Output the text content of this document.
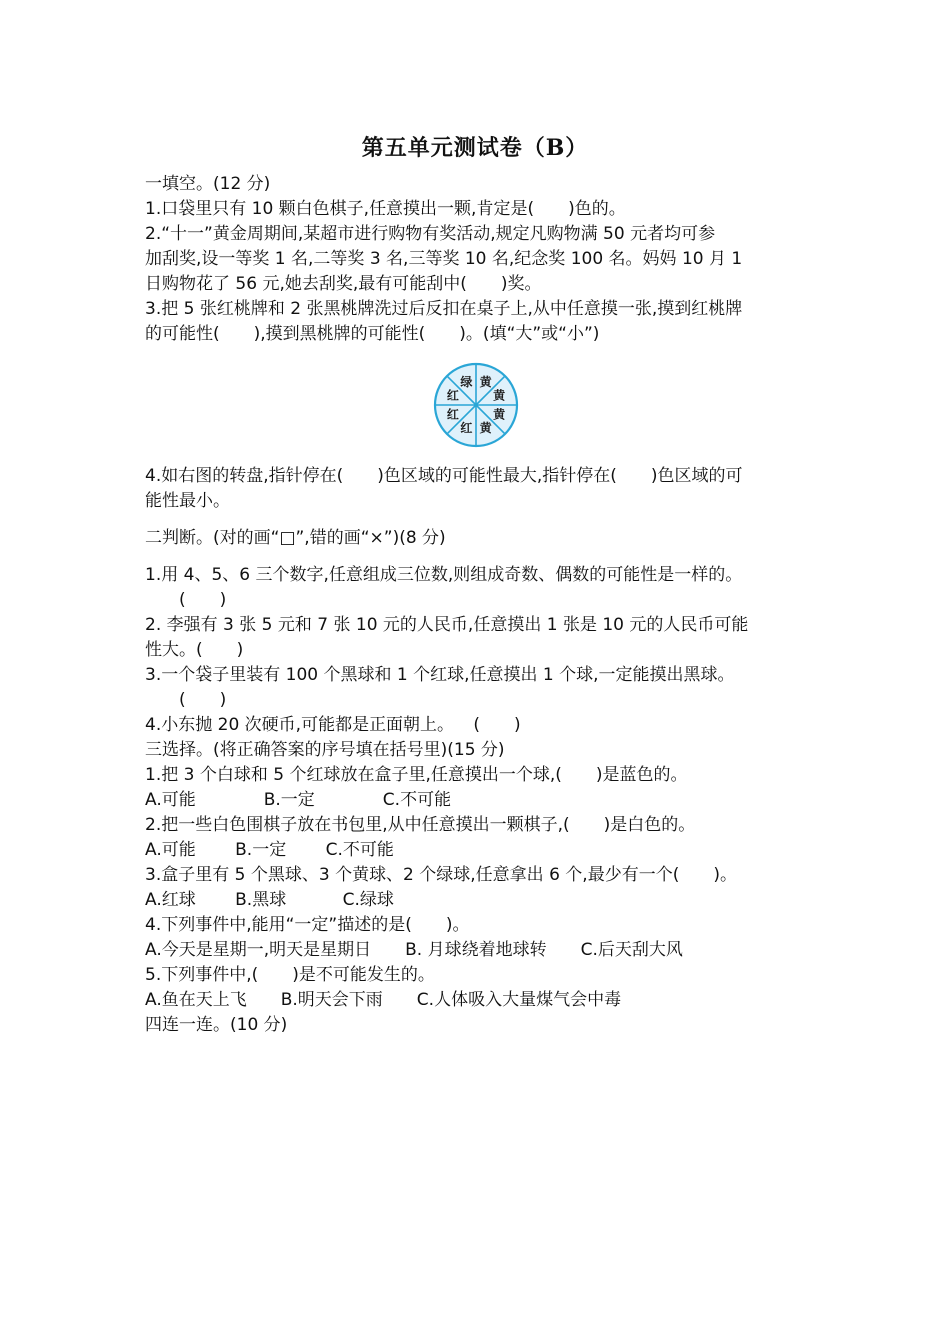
第五单元测试卷（B）
一填空。(12 分)
1.口袋里只有 10 颗白色棋子,任意摸出一颗,肯定是(　　)色的。
2.“十一”黄金周期间,某超市进行购物有奖活动,规定凡购物满 50 元者均可参
加刮奖,设一等奖 1 名,二等奖 3 名,三等奖 10 名,纪念奖 100 名。妈妈 10 月 1
日购物花了 56 元,她去刮奖,最有可能刮中(　　)奖。
3.把 5 张红桃牌和 2 张黑桃牌洗过后反扣在桌子上,从中任意摸一张,摸到红桃牌
的可能性(　　),摸到黑桃牌的可能性(　　)。(填“大”或“小”)
黄
黄
黄
黄
红
红
红
绿
4.如右图的转盘,指针停在(　　)色区域的可能性最大,指针停在(　　)色区域的可
能性最小。
二判断。(对的画“□”,错的画“×”)(8 分)
1.用 4、5、6 三个数字,任意组成三位数,则组成奇数、偶数的可能性是一样的。
　　(　　)
2. 李强有 3 张 5 元和 7 张 10 元的人民币,任意摸出 1 张是 10 元的人民币可能
性大。(　　)
3.一个袋子里装有 100 个黑球和 1 个红球,任意摸出 1 个球,一定能摸出黑球。
　　(　　)
4.小东抛 20 次硬币,可能都是正面朝上。　  (　　)
三选择。(将正确答案的序号填在括号里)(15 分)
1.把 3 个白球和 5 个红球放在盒子里,任意摸出一个球,(　　)是蓝色的。
A.可能　　　　B.一定　　　　C.不可能
2.把一些白色围棋子放在书包里,从中任意摸出一颗棋子,(　　)是白色的。
A.可能　　 B.一定　　 C.不可能
3.盒子里有 5 个黑球、3 个黄球、2 个绿球,任意拿出 6 个,最少有一个(　　)。
A.红球　　 B.黑球　　　 C.绿球
4.下列事件中,能用“一定”描述的是(　　)。
A.今天是星期一,明天是星期日　　B. 月球绕着地球转　　C.后天刮大风
5.下列事件中,(　　)是不可能发生的。
A.鱼在天上飞　　B.明天会下雨　　C.人体吸入大量煤气会中毒
四连一连。(10 分)
